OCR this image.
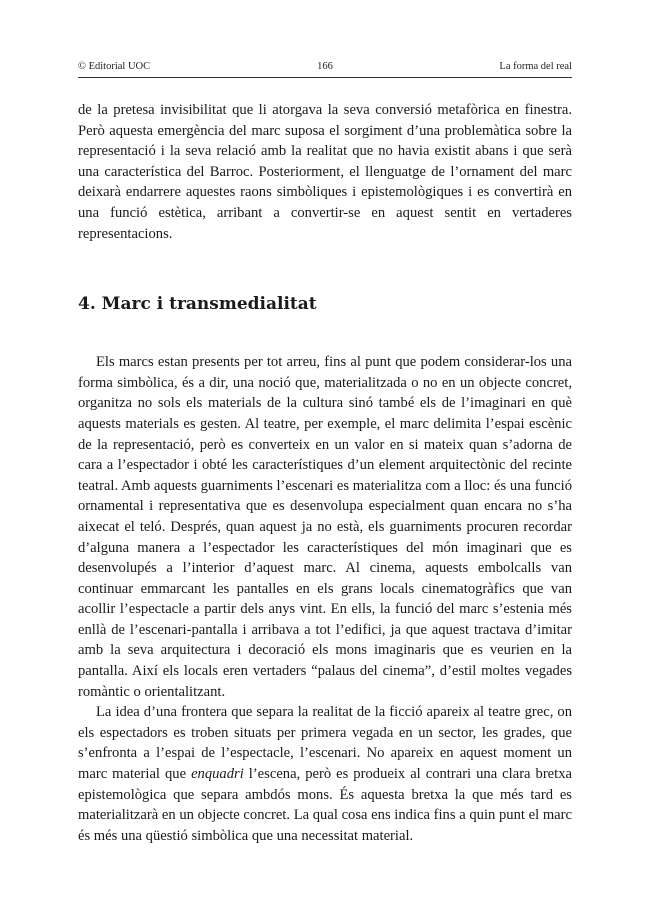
© Editorial UOC	166	La forma del real

de la pretesa invisibilitat que li atorgava la seva conversió metafòrica en finestra. Però aquesta emergència del marc suposa el sorgiment d’una problemàtica sobre la representació i la seva relació amb la realitat que no havia existit abans i que serà una característica del Barroc. Posteriorment, el llenguatge de l’ornament del marc deixarà endarrere aquestes raons simbòliques i epistemològiques i es convertirà en una funció estètica, arribant a convertir-se en aquest sentit en vertaderes representacions.

4. Marc i transmedialitat

Els marcs estan presents per tot arreu, fins al punt que podem considerar-los una forma simbòlica, és a dir, una noció que, materialitzada o no en un objecte concret, organitza no sols els materials de la cultura sinó també els de l’imaginari en què aquests materials es gesten. Al teatre, per exemple, el marc delimita l’espai escènic de la representació, però es converteix en un valor en si mateix quan s’adorna de cara a l’espectador i obté les característiques d’un element arquitectònic del recinte teatral. Amb aquests guarniments l’escenari es materialitza com a lloc: és una funció ornamental i representativa que es desenvolupa especialment quan encara no s’ha aixecat el teló. Després, quan aquest ja no està, els guarniments procuren recordar d’alguna manera a l’espectador les característiques del món imaginari que es desenvolupés a l’interior d’aquest marc. Al cinema, aquests embolcalls van continuar emmarcant les pantalles en els grans locals cinematogràfics que van acollir l’espectacle a partir dels anys vint. En ells, la funció del marc s’estenia més enllà de l’escenari-pantalla i arribava a tot l’edifici, ja que aquest tractava d’imitar amb la seva arquitectura i decoració els mons imaginaris que es veurien en la pantalla. Així els locals eren vertaders “palaus del cinema”, d’estil moltes vegades romàntic o orientalitzant.

La idea d’una frontera que separa la realitat de la ficció apareix al teatre grec, on els espectadors es troben situats per primera vegada en un sector, les grades, que s’enfronta a l’espai de l’espectacle, l’escenari. No apareix en aquest moment un marc material que enquadri l’escena, però es produeix al contrari una clara bretxa epistemològica que separa ambdós mons. És aquesta bretxa la que més tard es materialitzarà en un objecte concret. La qual cosa ens indica fins a quin punt el marc és més una qüestió simbòlica que una necessitat material.
